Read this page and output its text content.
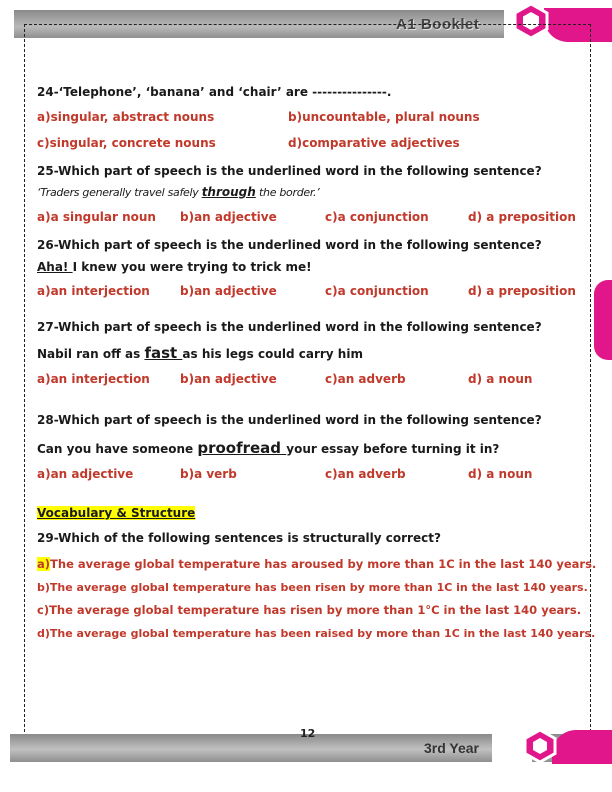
A1 Booklet
3rd Year
12
24-‘Telephone’, ‘banana’ and ‘chair’ are ---------------.
a)singular, abstract nouns	b)uncountable, plural nouns
c)singular, concrete nouns	d)comparative adjectives
25-Which part of speech is the underlined word in the following sentence?
‘Traders generally travel safely through the border.’
a)a singular noun b)an adjective	c)a conjunction	d) a preposition
26-Which part of speech is the underlined word in the following sentence?
Aha! I knew you were trying to trick me!
a)an interjection	b)an adjective	c)a conjunction	d) a preposition
27-Which part of speech is the underlined word in the following sentence?
Nabil ran off as fast as his legs could carry him
a)an interjection	b)an adjective	c)an adverb	d) a noun
28-Which part of speech is the underlined word in the following sentence?
Can you have someone proofread your essay before turning it in?
a)an adjective	b)a verb	c)an adverb	d) a noun
Vocabulary & Structure
29-Which of the following sentences is structurally correct?
a)The average global temperature has aroused by more than 1C in the last 140 years.
b)The average global temperature has been risen by more than 1C in the last 140 years.
c)The average global temperature has risen by more than 1°C in the last 140 years.
d)The average global temperature has been raised by more than 1C in the last 140 years.
